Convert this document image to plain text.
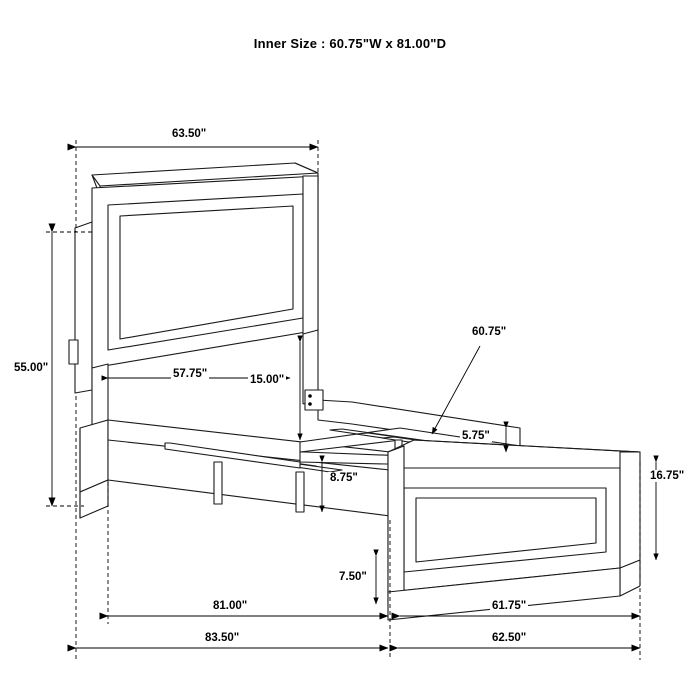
Inner Size : 60.75"W x 81.00"D
63.50"
55.00"	57.75"	15.00"
60.75"
5.75"
8.75"	16.75"
7.50"
81.00"
83.50"
61.75"
62.50"
